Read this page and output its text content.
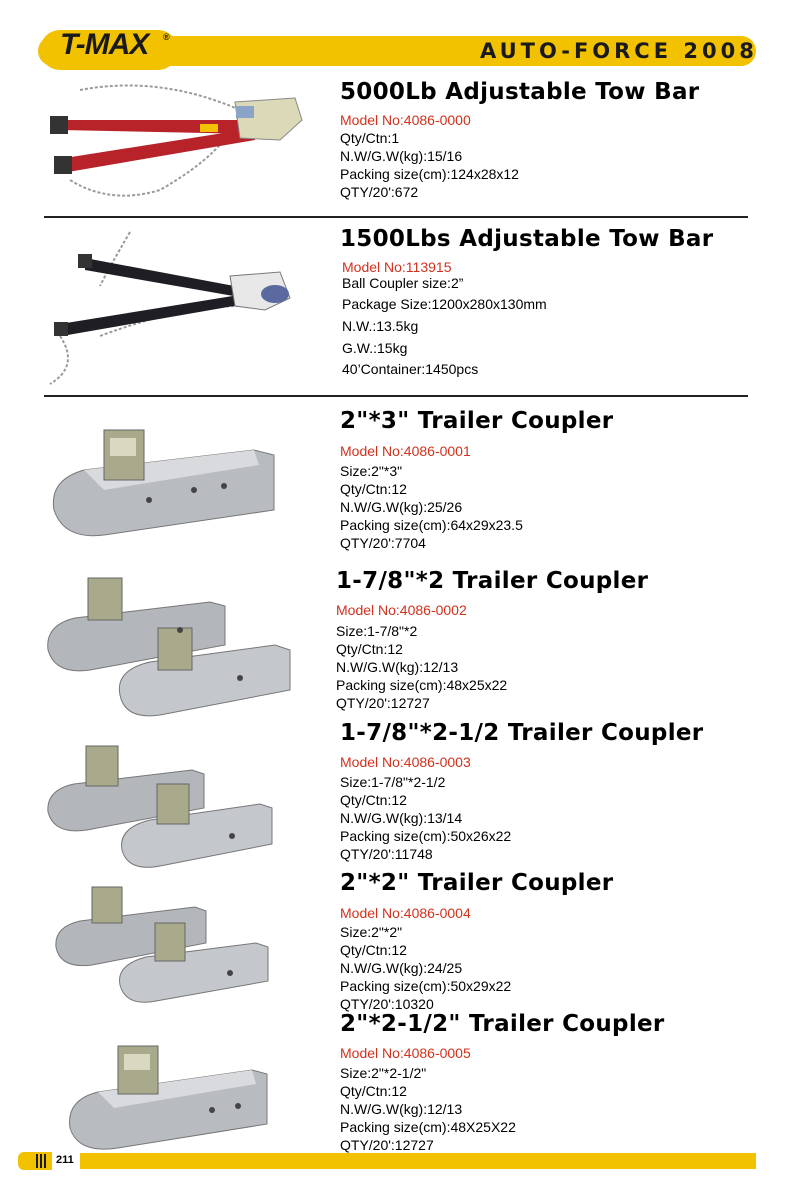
T-MAX ®
AUTO-FORCE 2008
5000Lb Adjustable Tow Bar
Model No:4086-0000
Qty/Ctn:1
N.W/G.W(kg):15/16
Packing size(cm):124x28x12
QTY/20':672
1500Lbs Adjustable Tow Bar
Model No:113915
Ball Coupler size:2”
Package Size:1200x280x130mm
N.W.:13.5kg
G.W.:15kg
40’Container:1450pcs
2"*3" Trailer Coupler
Model No:4086-0001
Size:2"*3"
Qty/Ctn:12
N.W/G.W(kg):25/26
Packing size(cm):64x29x23.5
QTY/20':7704
1-7/8"*2 Trailer Coupler
Model No:4086-0002
Size:1-7/8"*2
Qty/Ctn:12
N.W/G.W(kg):12/13
Packing size(cm):48x25x22
QTY/20':12727
1-7/8"*2-1/2 Trailer Coupler
Model No:4086-0003
Size:1-7/8"*2-1/2
Qty/Ctn:12
N.W/G.W(kg):13/14
Packing size(cm):50x26x22
QTY/20':11748
2"*2" Trailer Coupler
Model No:4086-0004
Size:2"*2"
Qty/Ctn:12
N.W/G.W(kg):24/25
Packing size(cm):50x29x22
QTY/20':10320
2"*2-1/2" Trailer Coupler
Model No:4086-0005
Size:2"*2-1/2"
Qty/Ctn:12
N.W/G.W(kg):12/13
Packing size(cm):48X25X22
QTY/20':12727
211
